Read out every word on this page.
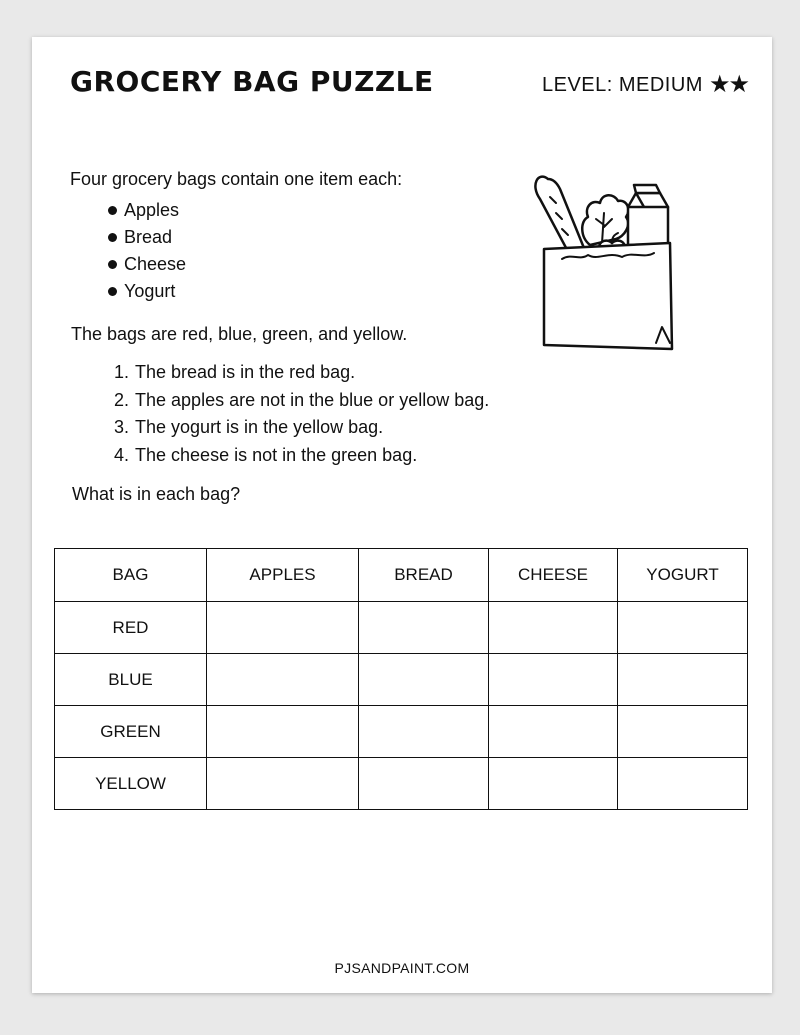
GROCERY BAG PUZZLE	LEVEL: MEDIUM ★★
Four grocery bags contain one item each:
Apples
Bread
Cheese
Yogurt
The bags are red, blue, green, and yellow.
1. The bread is in the red bag.
2. The apples are not in the blue or yellow bag.
3. The yogurt is in the yellow bag.
4. The cheese is not in the green bag.
What is in each bag?
BAG	APPLES	BREAD	CHEESE	YOGURT
RED				
BLUE				
GREEN				
YELLOW				
PJSANDPAINT.COM
